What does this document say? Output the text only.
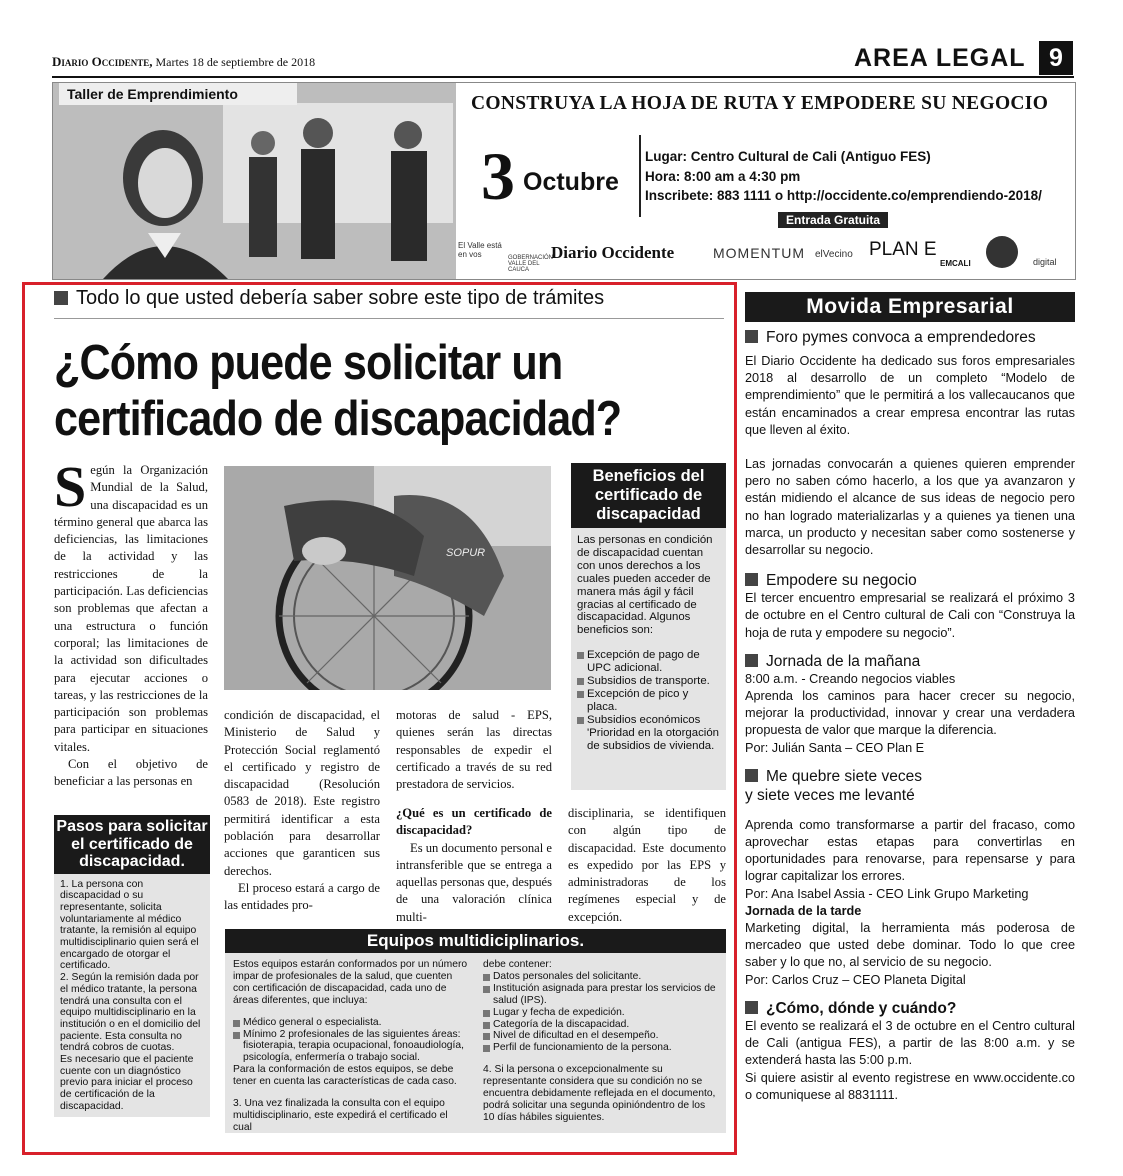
Diario Occidente, Martes 18 de septiembre de 2018	AREA LEGAL 9
Taller de Emprendimiento	CONSTRUYA LA HOJA DE RUTA Y EMPODERE SU NEGOCIO
3 Octubre
Lugar: Centro Cultural de Cali (Antiguo FES)
Hora: 8:00 am a 4:30 pm
Inscribete: 883 1111 o http://occidente.co/emprendiendo-2018/
Entrada Gratuita
El Valle está en vos	GOBERNACIÓN VALLE DEL CAUCA
Diario Occidente	MOMENTUM elVecino PLAN E
EMCALI	digital
Todo lo que usted debería saber sobre este tipo de trámites
¿Cómo puede solicitar un
certificado de discapacidad?
Según la Organización Mundial de la Salud, una discapacidad es un término general que abarca las deficiencias, las limitaciones de la actividad y las restricciones de la participación. Las deficiencias son problemas que afectan a una estructura o función corporal; las limitaciones de la actividad son dificultades para ejecutar acciones o tareas, y las restricciones de la participación son problemas para participar en situaciones vitales.
Con el objetivo de beneficiar a las personas en
SOPUR
condición de discapacidad, el Ministerio de Salud y Protección Social reglamentó el certificado y registro de discapacidad (Resolución 0583 de 2018). Este registro permitirá identificar a esta población para desarrollar acciones que garanticen sus derechos.
El proceso estará a cargo de las entidades pro-
motoras de salud - EPS, quienes serán las directas responsables de expedir el certificado a través de su red prestadora de servicios.
¿Qué es un certificado de discapacidad?
Es un documento personal e intransferible que se entrega a aquellas personas que, después de una valoración clínica multi-
disciplinaria, se identifiquen con algún tipo de discapacidad. Este documento es expedido por las EPS y administradoras de los regímenes especial y de excepción.
Beneficios del certificado de discapacidad
Las personas en condición de discapacidad cuentan con unos derechos a los cuales pueden acceder de manera más ágil y fácil gracias al certificado de discapacidad. Algunos beneficios son:
Excepción de pago de UPC adicional.
Subsidios de transporte.
Excepción de pico y placa.
Subsidios económicos 'Prioridad en la otorgación de subsidios de vivienda.
Pasos para solicitar el certificado de discapacidad.
1. La persona con discapacidad o su representante, solicita voluntariamente al médico tratante, la remisión al equipo multidisciplinario quien será el encargado de otorgar el certificado.
2. Según la remisión dada por el médico tratante, la persona tendrá una consulta con el equipo multidisciplinario en la institución o en el domicilio del paciente. Esta consulta no tendrá cobros de cuotas.
Es necesario que el paciente cuente con un diagnóstico previo para iniciar el proceso de certificación de la discapacidad.
Equipos multidiciplinarios.
Estos equipos estarán conformados por un número impar de profesionales de la salud, que cuenten con certificación de discapacidad, cada uno de áreas diferentes, que incluya:
Médico general o especialista.
Mínimo 2 profesionales de las siguientes áreas: fisioterapia, terapia ocupacional, fonoaudiología, psicología, enfermería o trabajo social.
Para la conformación de estos equipos, se debe tener en cuenta las características de cada caso.
3. Una vez finalizada la consulta con el equipo multidisciplinario, este expedirá el certificado el cual
debe contener:
Datos personales del solicitante.
Institución asignada para prestar los servicios de salud (IPS).
Lugar y fecha de expedición.
Categoría de la discapacidad.
Nivel de dificultad en el desempeño.
Perfil de funcionamiento de la persona.
4. Si la persona o excepcionalmente su representante considera que su condición no se encuentra debidamente reflejada en el documento, podrá solicitar una segunda opinióndentro de los 10 días hábiles siguientes.
Movida Empresarial
Foro pymes convoca a emprendedores
El Diario Occidente ha dedicado sus foros empresariales 2018 al desarrollo de un completo “Modelo de emprendimiento” que le permitirá a los vallecaucanos que están encaminados a crear empresa encontrar las rutas que lleven al éxito.
Las jornadas convocarán a quienes quieren emprender pero no saben cómo hacerlo, a los que ya avanzaron y están midiendo el alcance de sus ideas de negocio pero no han logrado materializarlas y a quienes ya tienen una marca, un producto y necesitan saber como sostenerse y desarrollar su negocio.
Empodere su negocio
El tercer encuentro empresarial se realizará el próximo 3 de octubre en el Centro cultural de Cali con “Construya la hoja de ruta y empodere su negocio”.
Jornada de la mañana
8:00 a.m. - Creando negocios viables
Aprenda los caminos para hacer crecer su negocio, mejorar la productividad, innovar y crear una verdadera propuesta de valor que marque la diferencia.
Por: Julián Santa – CEO Plan E
Me quebre siete veces
y siete veces me levanté
Aprenda como transformarse a partir del fracaso, como aprovechar estas etapas para convertirlas en oportunidades para renovarse, para repensarse y para lograr capitalizar los errores.
Por: Ana Isabel Assia - CEO Link Grupo Marketing
Jornada de la tarde
Marketing digital, la herramienta más poderosa de mercadeo que usted debe dominar. Todo lo que cree saber y lo que no, al servicio de su negocio.
Por: Carlos Cruz – CEO Planeta Digital
¿Cómo, dónde y cuándo?
El evento se realizará el 3 de octubre en el Centro cultural de Cali (antigua FES), a partir de las 8:00 a.m. y se extenderá hasta las 5:00 p.m.
Si quiere asistir al evento registrese en www.occidente.co o comuniquese al 8831111.
